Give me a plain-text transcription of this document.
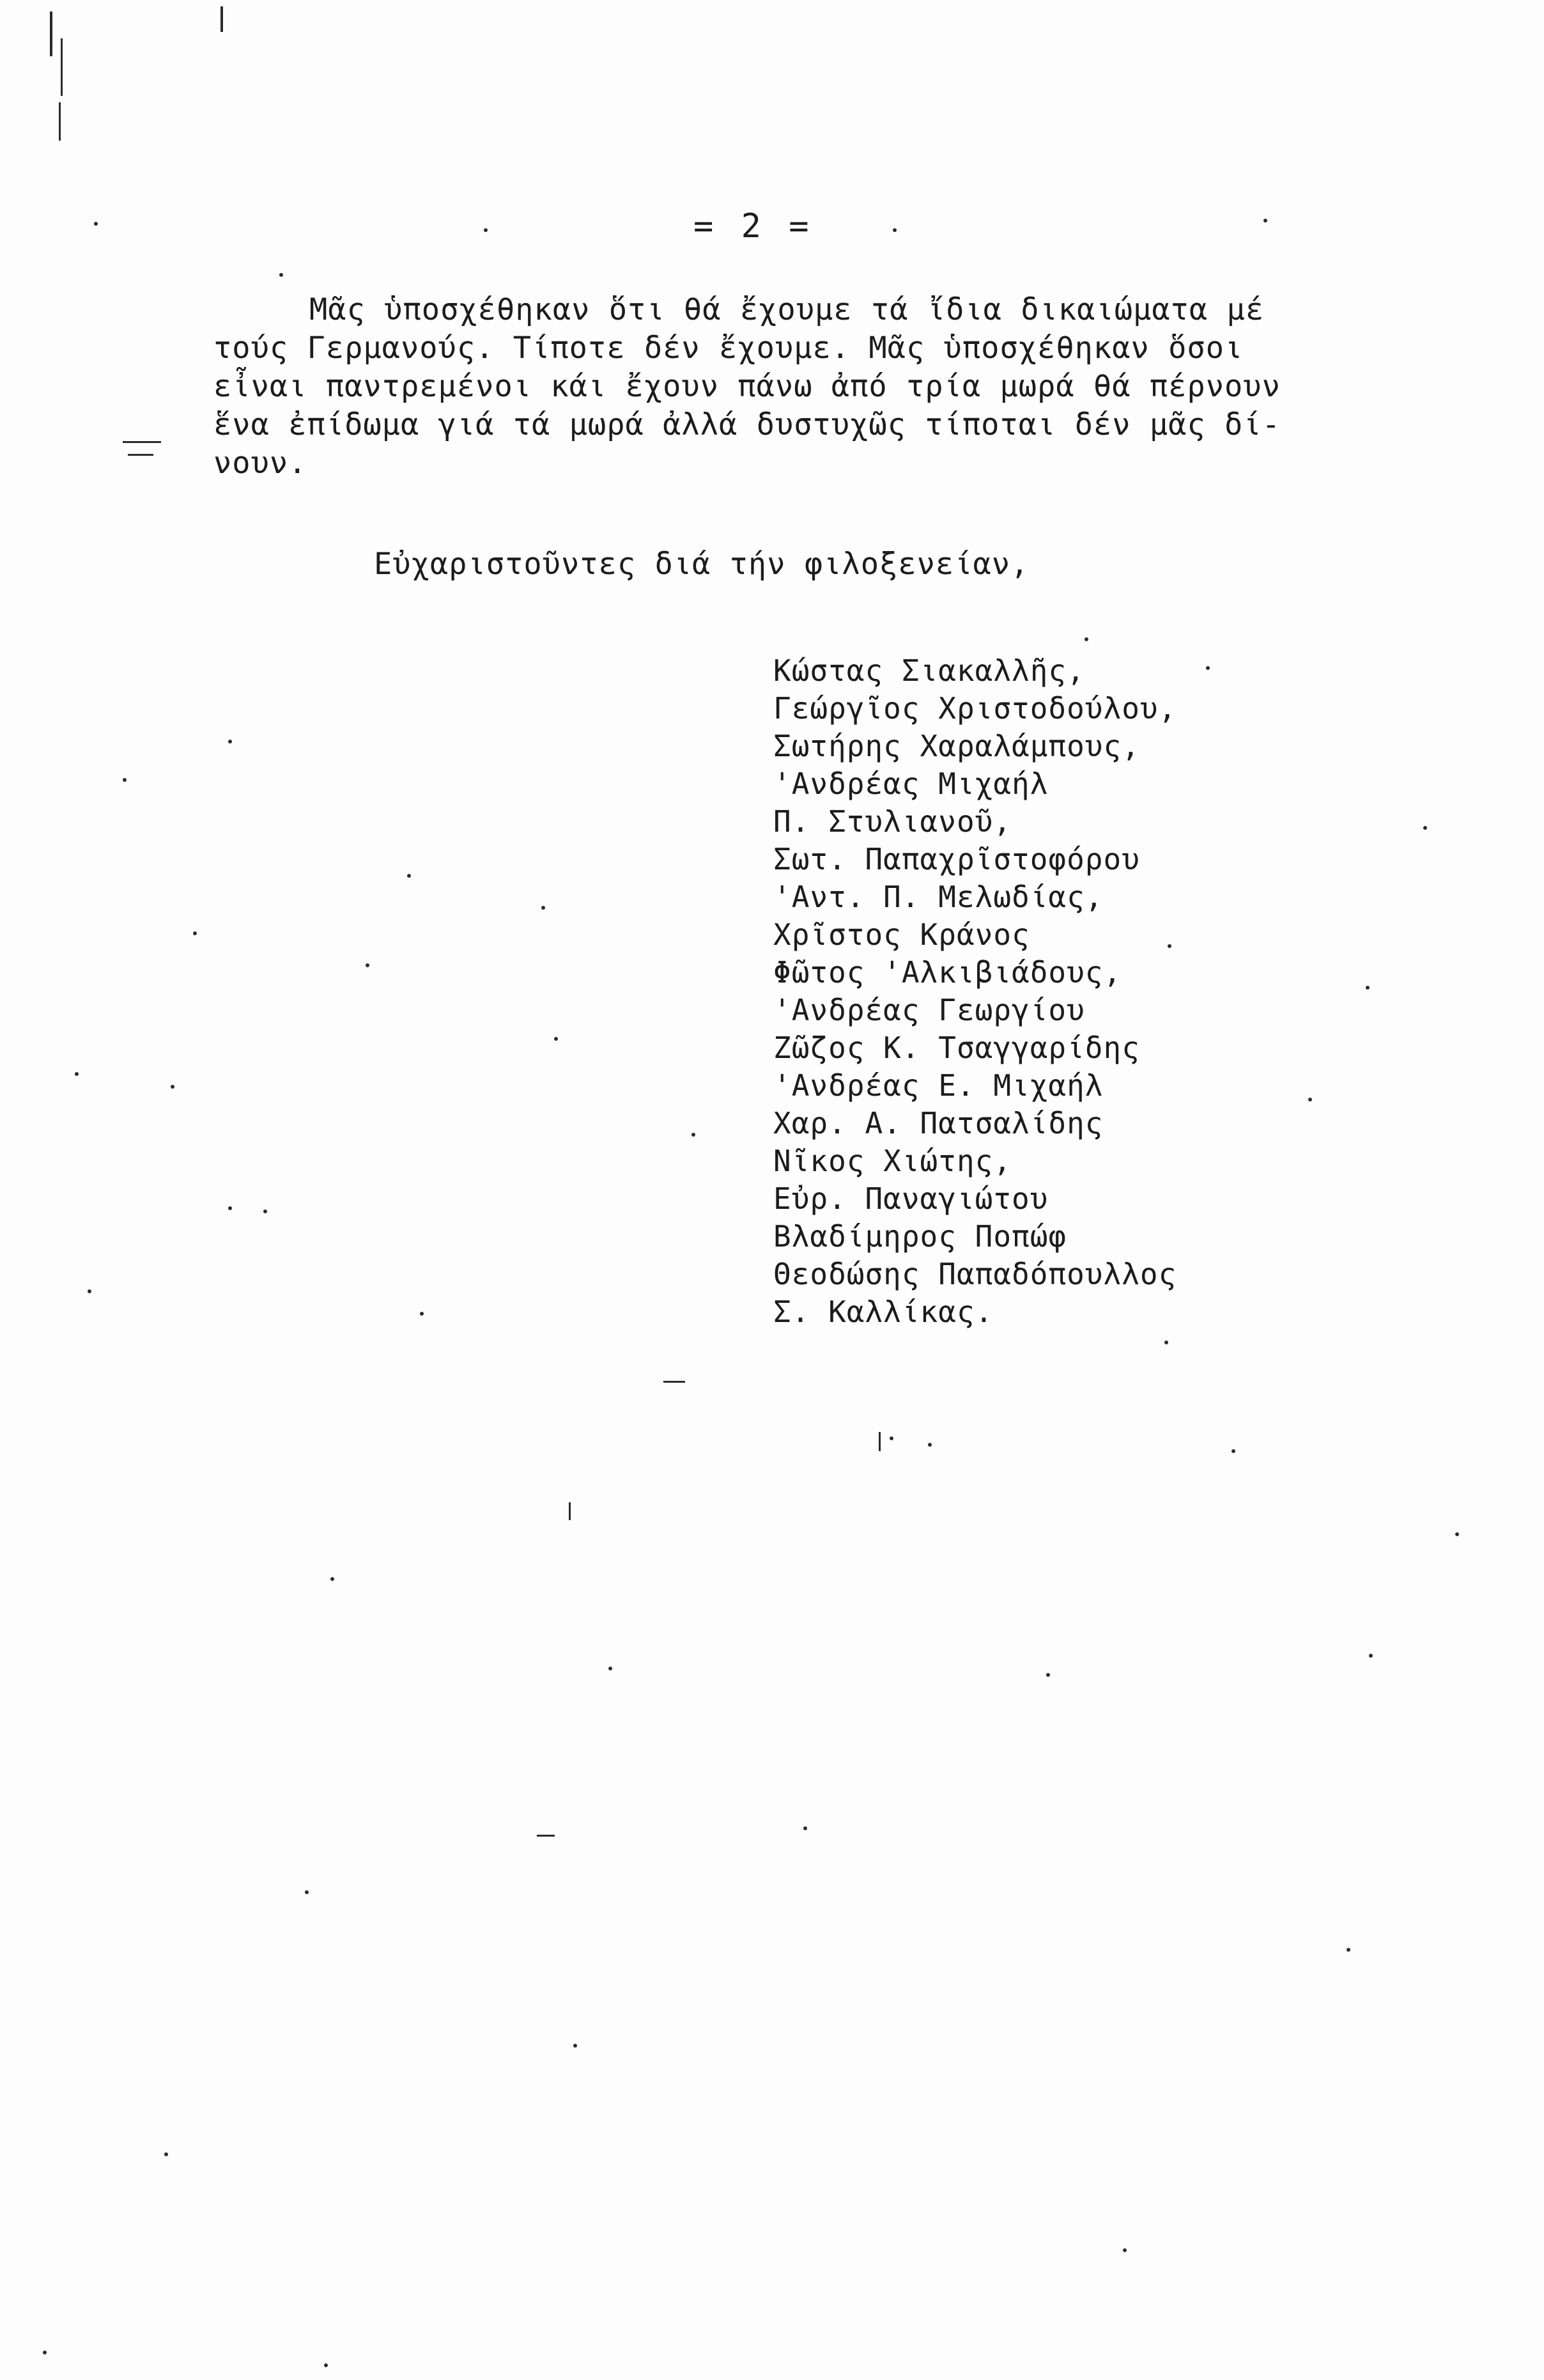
= 2 =
Μᾶς ὑποσχέθηκαν ὅτι θά ἔχουμε τά ἴδια δικαιώματα μέ
τούς Γερμανούς. Τίποτε δέν ἔχουμε. Μᾶς ὑποσχέθηκαν ὅσοι
εἶναι παντρεμένοι κάι ἔχουν πάνω ἀπό τρία μωρά θά πέρνουν
ἕνα ἐπίδωμα γιά τά μωρά ἀλλά δυστυχῶς τίποται δέν μᾶς δί-
νουν.
Εὐχαριστοῦντες διά τήν φιλοξενείαν,
Κώστας Σιακαλλῆς,
Γεώργῖος Χριστοδούλου,
Σωτήρης Χαραλάμπους,
'Ανδρέας Μιχαήλ
Π. Στυλιανοῦ,
Σωτ. Παπαχρῖστοφόρου
'Αντ. Π. Μελωδίας,
Χρῖστος Κράνος
Φῶτος 'Αλκιβιάδους,
'Ανδρέας Γεωργίου
Ζῶζος Κ. Τσαγγαρίδης
'Ανδρέας Ε. Μιχαήλ
Χαρ. Α. Πατσαλίδης
Νῖκος Χιώτης,
Εὐρ. Παναγιώτου
Βλαδίμηρος Ποπώφ
Θεοδώσης Παπαδόπουλλος
Σ. Καλλίκας.
